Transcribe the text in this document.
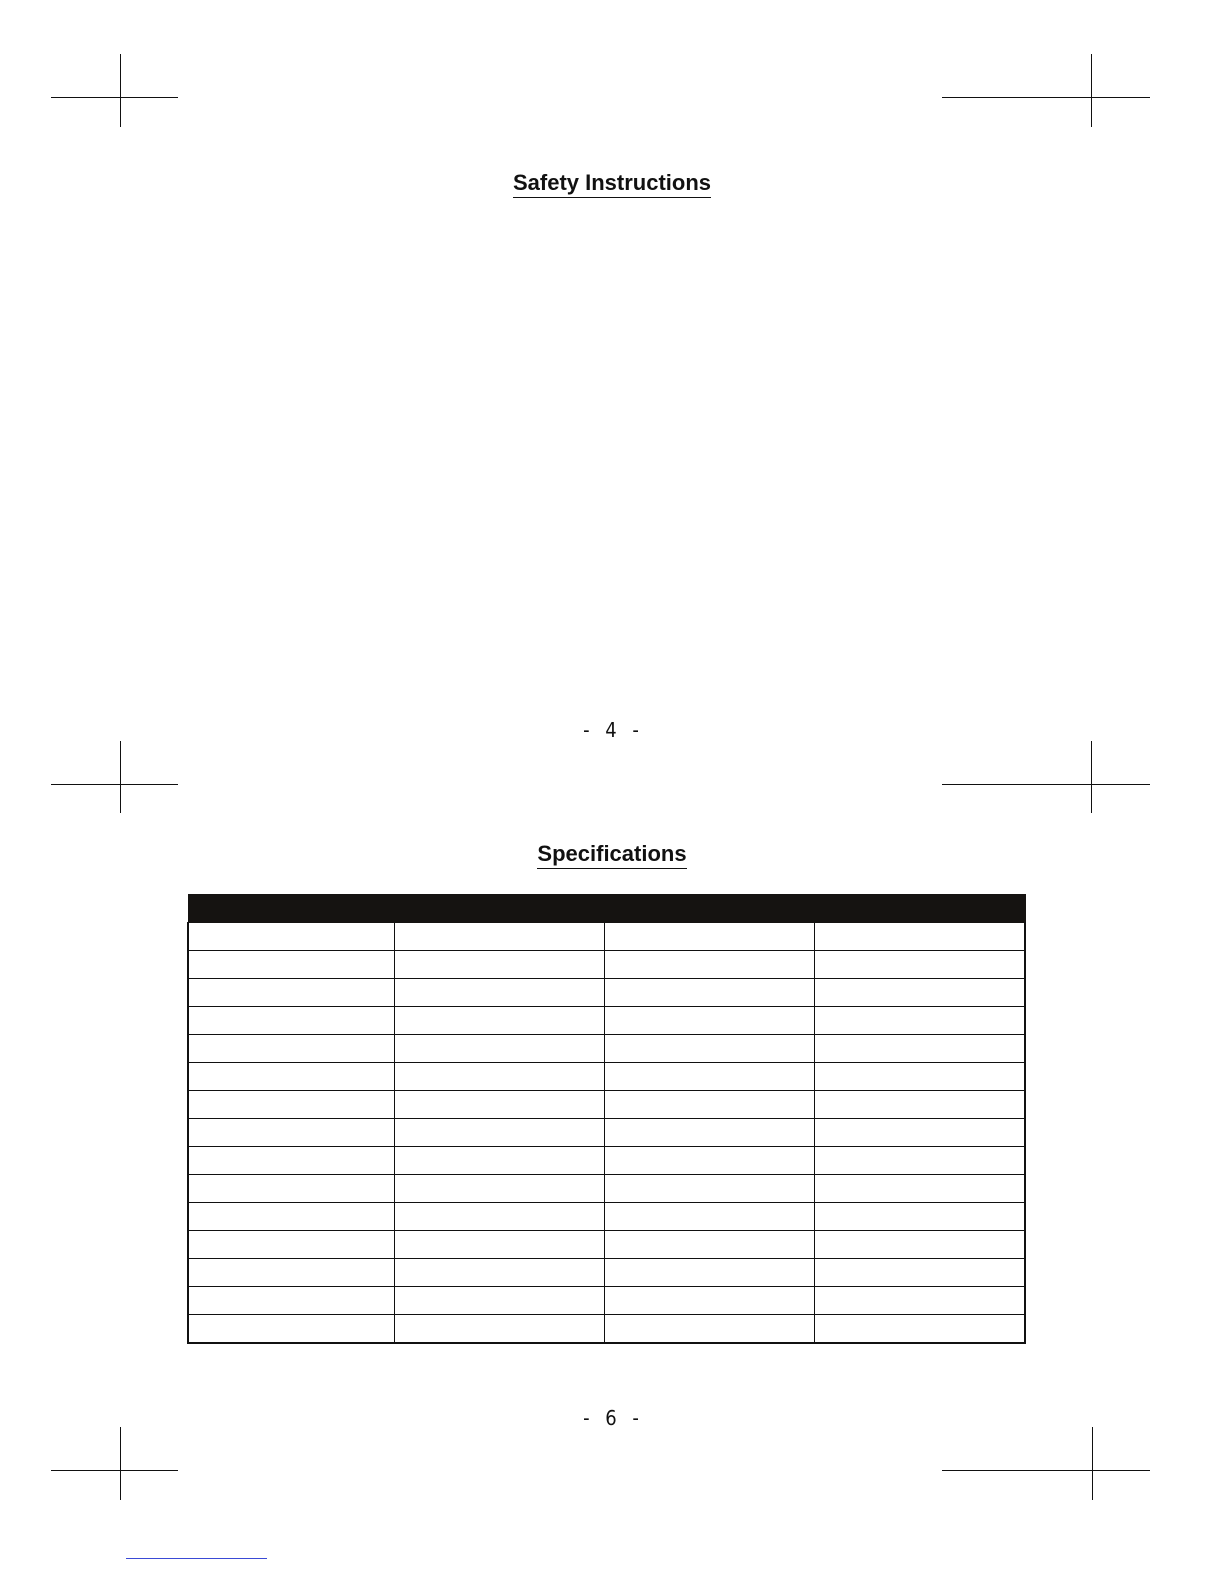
Safety Instructions
- 4 -
Specifications

- 6 -
